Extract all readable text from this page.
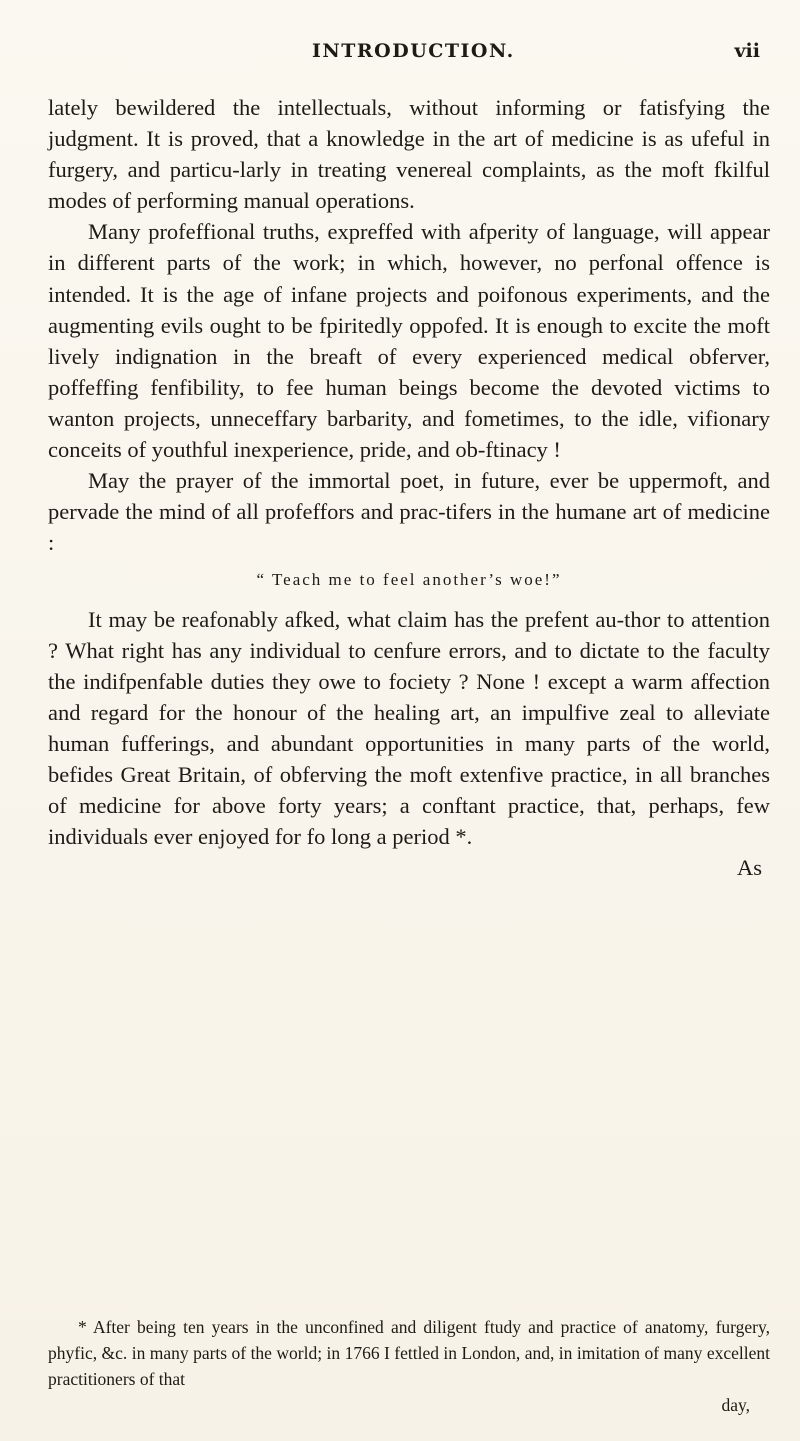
INTRODUCTION.	vii

lately bewildered the intellectuals, without informing or fatisfying the judgment. It is proved, that a knowledge in the art of medicine is as ufeful in furgery, and particu-larly in treating venereal complaints, as the moft fkilful modes of performing manual operations.

Many profeffional truths, expreffed with afperity of language, will appear in different parts of the work; in which, however, no perfonal offence is intended. It is the age of infane projects and poifonous experiments, and the augmenting evils ought to be fpiritedly oppofed. It is enough to excite the moft lively indignation in the breaft of every experienced medical obferver, poffeffing fenfibility, to fee human beings become the devoted victims to wanton projects, unneceffary barbarity, and fometimes, to the idle, vifionary conceits of youthful inexperience, pride, and ob-ftinacy !

May the prayer of the immortal poet, in future, ever be uppermoft, and pervade the mind of all profeffors and prac-tifers in the humane art of medicine :

“ Teach me to feel another’s woe!”

It may be reafonably afked, what claim has the prefent au-thor to attention ? What right has any individual to cenfure errors, and to dictate to the faculty the indifpenfable duties they owe to fociety ? None ! except a warm affection and regard for the honour of the healing art, an impulfive zeal to alleviate human fufferings, and abundant opportunities in many parts of the world, befides Great Britain, of obferving the moft extenfive practice, in all branches of medicine for above forty years; a conftant practice, that, perhaps, few individuals ever enjoyed for fo long a period *.

As

* After being ten years in the unconfined and diligent ftudy and practice of anatomy, furgery, phyfic, &c. in many parts of the world; in 1766 I fettled in London, and, in imitation of many excellent practitioners of that

day,
